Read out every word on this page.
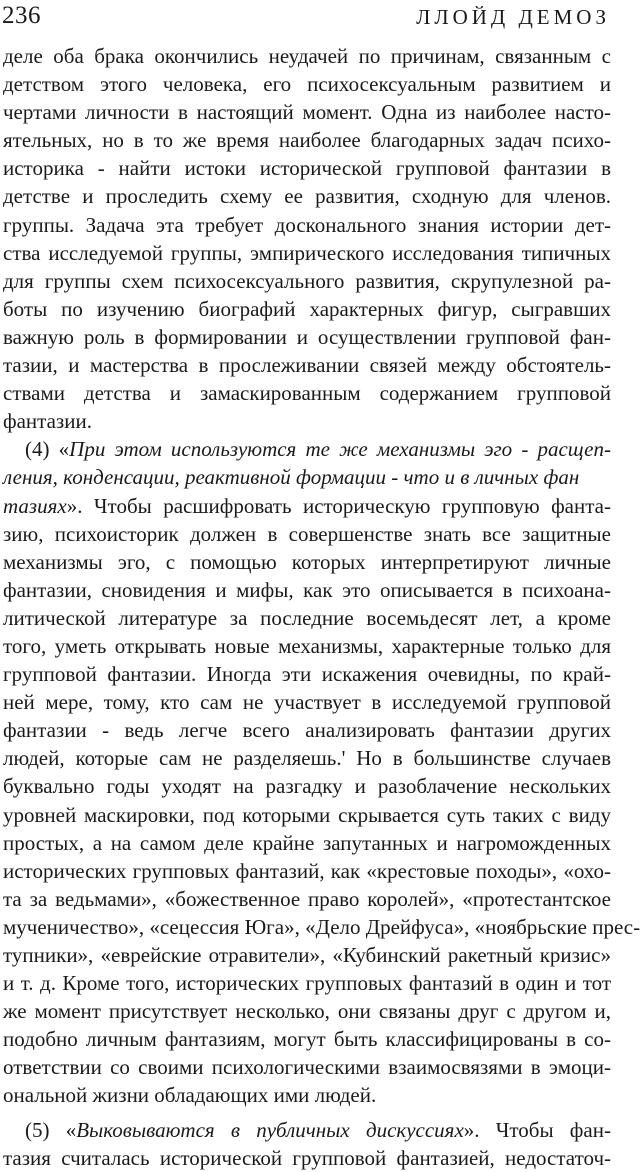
236	ЛЛОЙД ДЕМОЗ
деле оба брака окончились неудачей по причинам, связанным с
детством этого человека, его психосексуальным развитием и
чертами личности в настоящий момент. Одна из наиболее насто-
ятельных, но в то же время наиболее благодарных задач психо-
историка - найти истоки исторической групповой фантазии в
детстве и проследить схему ее развития, сходную для членов.
группы. Задача эта требует досконального знания истории дет-
ства исследуемой группы, эмпирического исследования типичных
для группы схем психосексуального развития, скрупулезной ра-
боты по изучению биографий характерных фигур, сыгравших
важную роль в формировании и осуществлении групповой фан-
тазии, и мастерства в прослеживании связей между обстоятель-
ствами детства и замаскированным содержанием групповой
фантазии.
(4) «При этом используются те же механизмы эго - расщеп-
ления, конденсации, реактивной формации - что и в личных фан
тазиях». Чтобы расшифровать историческую групповую фанта-
зию, психоисторик должен в совершенстве знать все защитные
механизмы эго, с помощью которых интерпретируют личные
фантазии, сновидения и мифы, как это описывается в психоана-
литической литературе за последние восемьдесят лет, а кроме
того, уметь открывать новые механизмы, характерные только для
групповой фантазии. Иногда эти искажения очевидны, по край-
ней мере, тому, кто сам не участвует в исследуемой групповой
фантазии - ведь легче всего анализировать фантазии других
людей, которые сам не разделяешь.' Но в большинстве случаев
буквально годы уходят на разгадку и разоблачение нескольких
уровней маскировки, под которыми скрывается суть таких с виду
простых, а на самом деле крайне запутанных и нагроможденных
исторических групповых фантазий, как «крестовые походы», «охо-
та за ведьмами», «божественное право королей», «протестантское
мученичество», «сецессия Юга», «Дело Дрейфуса», «ноябрьские прес-
тупники», «еврейские отравители», «Кубинский ракетный кризис»
и т. д. Кроме того, исторических групповых фантазий в один и тот
же момент присутствует несколько, они связаны друг с другом и,
подобно личным фантазиям, могут быть классифицированы в со-
ответствии со своими психологическими взаимосвязями в эмоци-
ональной жизни обладающих ими людей.
(5) «Выковываются в публичных дискуссиях». Чтобы фан-
тазия считалась исторической групповой фантазией, недостаточ-
